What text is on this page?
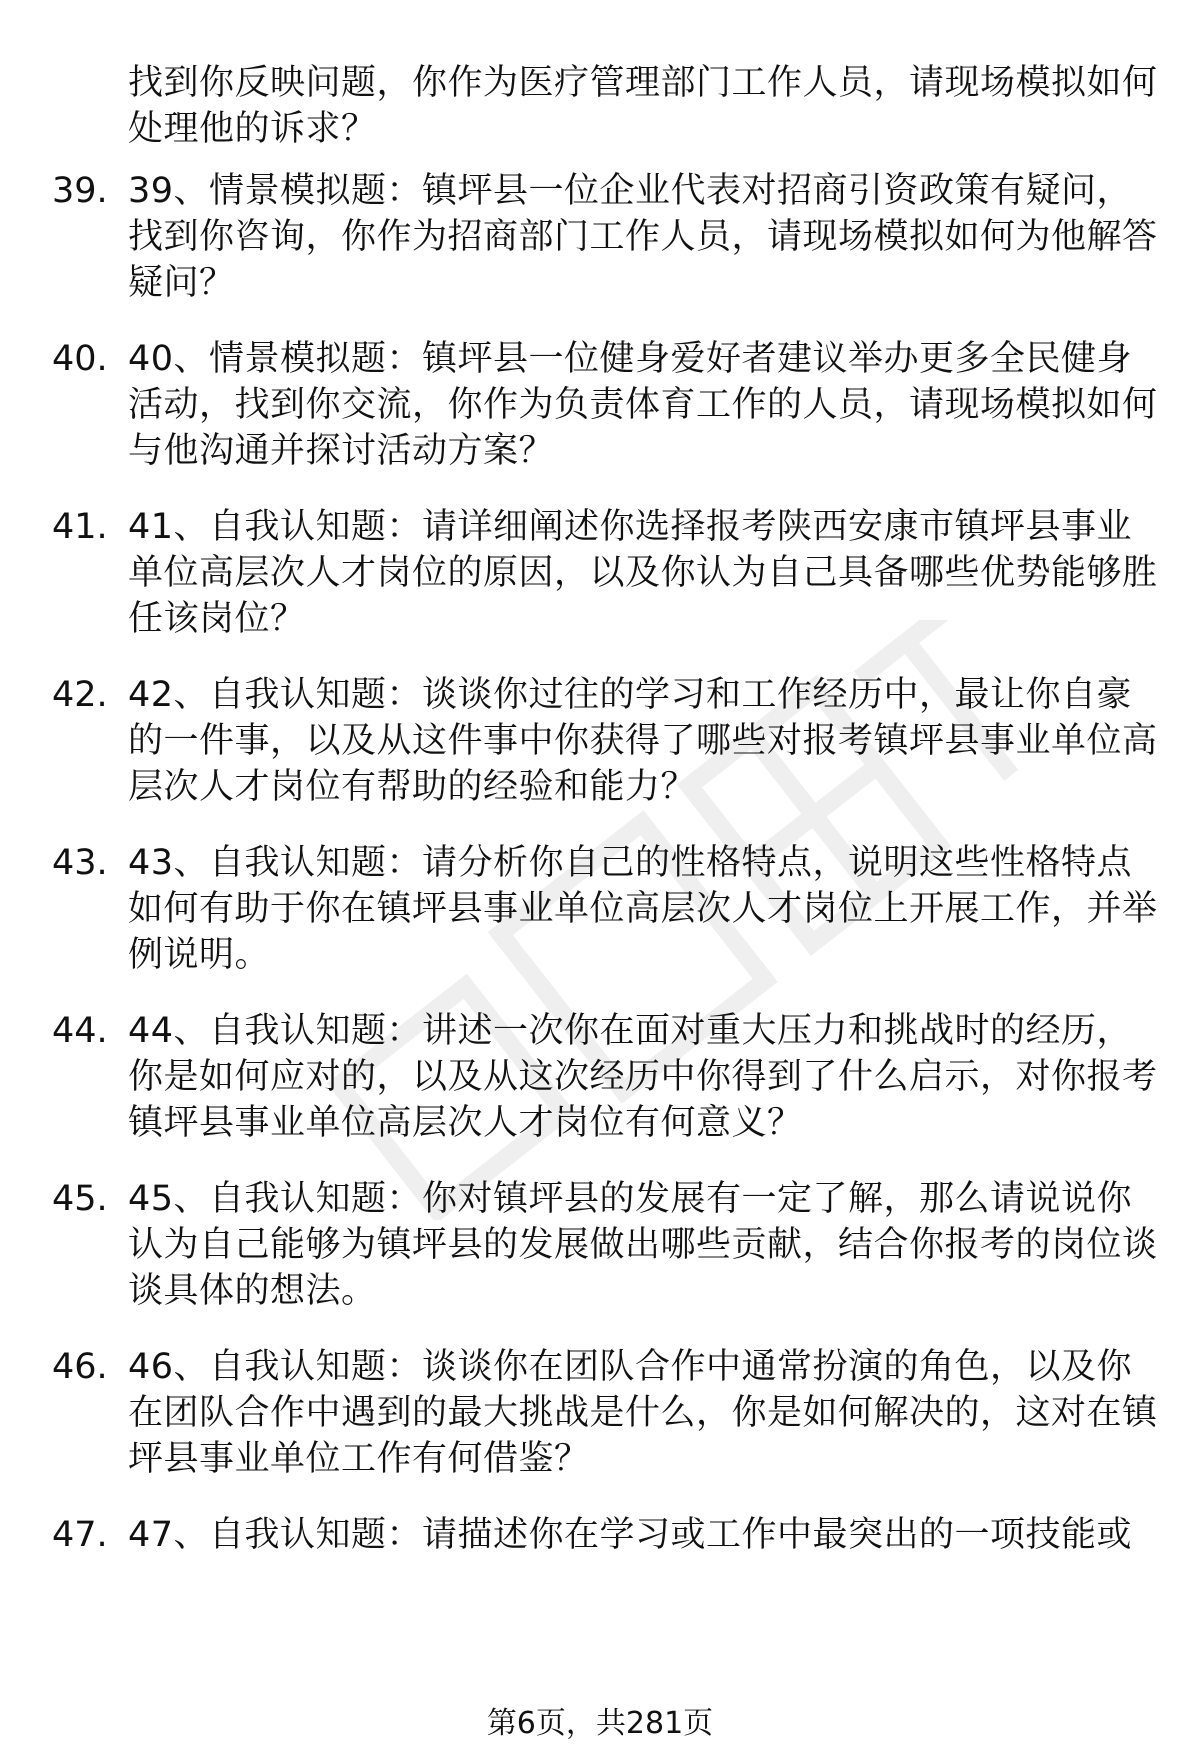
找到你反映问题，你作为医疗管理部门工作人员，请现场模拟如何处理他的诉求？
39. 39、情景模拟题：镇坪县一位企业代表对招商引资政策有疑问，找到你咨询，你作为招商部门工作人员，请现场模拟如何为他解答疑问？
40. 40、情景模拟题：镇坪县一位健身爱好者建议举办更多全民健身活动，找到你交流，你作为负责体育工作的人员，请现场模拟如何与他沟通并探讨活动方案？
41. 41、自我认知题：请详细阐述你选择报考陕西安康市镇坪县事业单位高层次人才岗位的原因，以及你认为自己具备哪些优势能够胜任该岗位？
42. 42、自我认知题：谈谈你过往的学习和工作经历中，最让你自豪的一件事，以及从这件事中你获得了哪些对报考镇坪县事业单位高层次人才岗位有帮助的经验和能力？
43. 43、自我认知题：请分析你自己的性格特点，说明这些性格特点如何有助于你在镇坪县事业单位高层次人才岗位上开展工作，并举例说明。
44. 44、自我认知题：讲述一次你在面对重大压力和挑战时的经历，你是如何应对的，以及从这次经历中你得到了什么启示，对你报考镇坪县事业单位高层次人才岗位有何意义？
45. 45、自我认知题：你对镇坪县的发展有一定了解，那么请说说你认为自己能够为镇坪县的发展做出哪些贡献，结合你报考的岗位谈谈具体的想法。
46. 46、自我认知题：谈谈你在团队合作中通常扮演的角色，以及你在团队合作中遇到的最大挑战是什么，你是如何解决的，这对在镇坪县事业单位工作有何借鉴？
47. 47、自我认知题：请描述你在学习或工作中最突出的一项技能或
第6页，共281页
